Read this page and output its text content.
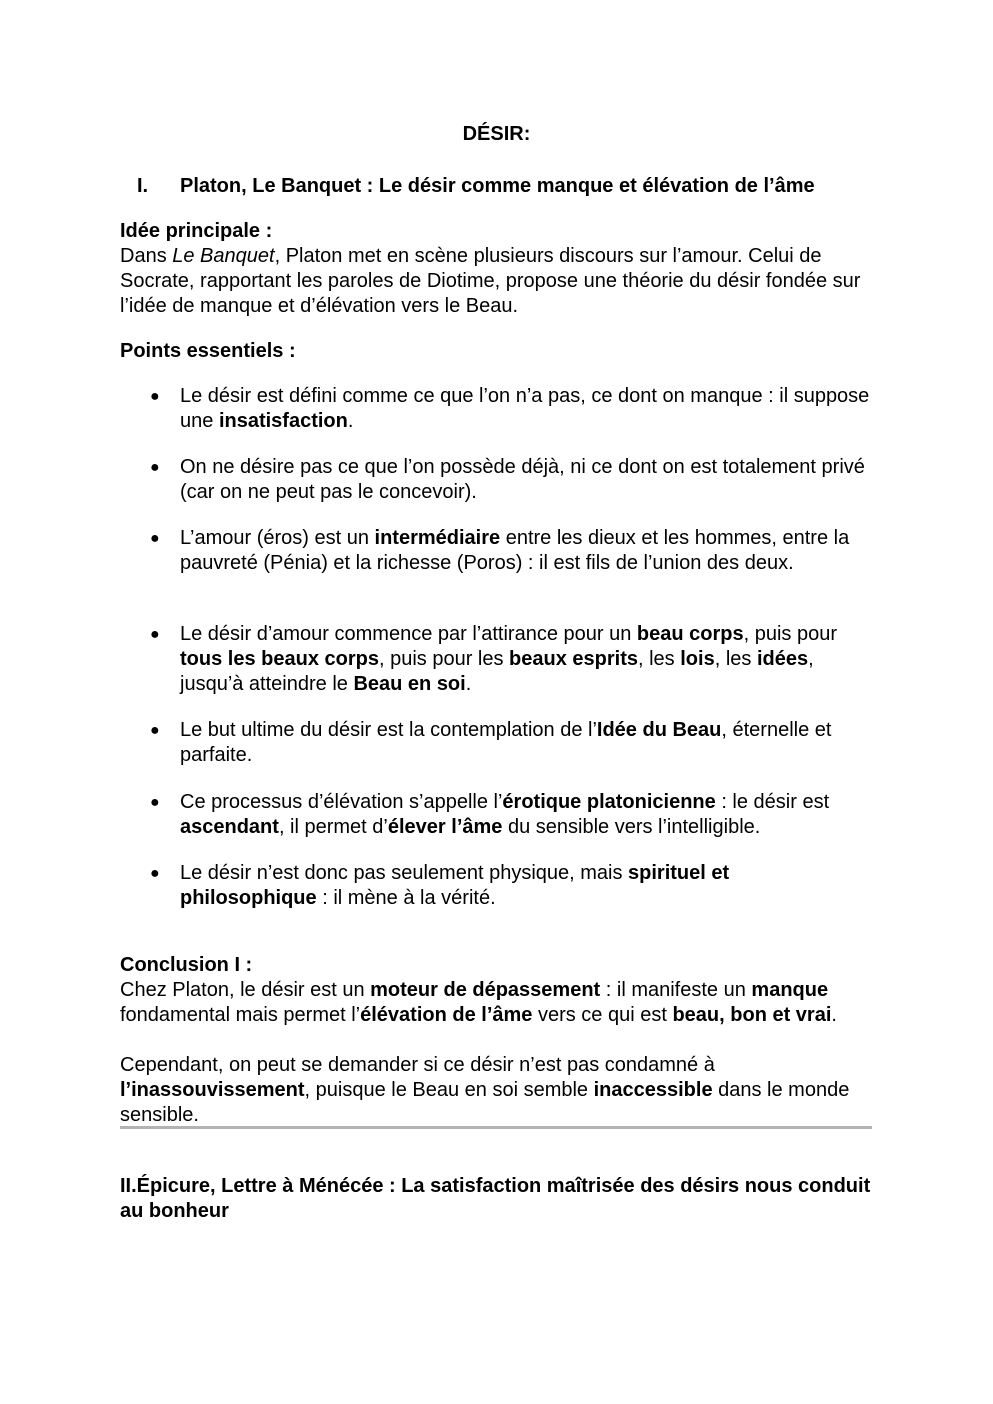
DÉSIR:
I. Platon, Le Banquet : Le désir comme manque et élévation de l’âme
Idée principale :
Dans Le Banquet, Platon met en scène plusieurs discours sur l’amour. Celui de Socrate, rapportant les paroles de Diotime, propose une théorie du désir fondée sur l’idée de manque et d’élévation vers le Beau.
Points essentiels :
●	Le désir est défini comme ce que l’on n’a pas, ce dont on manque : il suppose une insatisfaction.
●	On ne désire pas ce que l’on possède déjà, ni ce dont on est totalement privé (car on ne peut pas le concevoir).
●	L’amour (éros) est un intermédiaire entre les dieux et les hommes, entre la pauvreté (Pénia) et la richesse (Poros) : il est fils de l’union des deux.
●	Le désir d’amour commence par l’attirance pour un beau corps, puis pour tous les beaux corps, puis pour les beaux esprits, les lois, les idées, jusqu’à atteindre le Beau en soi.
●	Le but ultime du désir est la contemplation de l’Idée du Beau, éternelle et parfaite.
●	Ce processus d’élévation s’appelle l’érotique platonicienne : le désir est ascendant, il permet d’élever l’âme du sensible vers l’intelligible.
●	Le désir n’est donc pas seulement physique, mais spirituel et philosophique : il mène à la vérité.
Conclusion I :
Chez Platon, le désir est un moteur de dépassement : il manifeste un manque fondamental mais permet l’élévation de l’âme vers ce qui est beau, bon et vrai.
Cependant, on peut se demander si ce désir n’est pas condamné à l’inassouvissement, puisque le Beau en soi semble inaccessible dans le monde sensible.
II.Épicure, Lettre à Ménécée : La satisfaction maîtrisée des désirs nous conduit au bonheur
